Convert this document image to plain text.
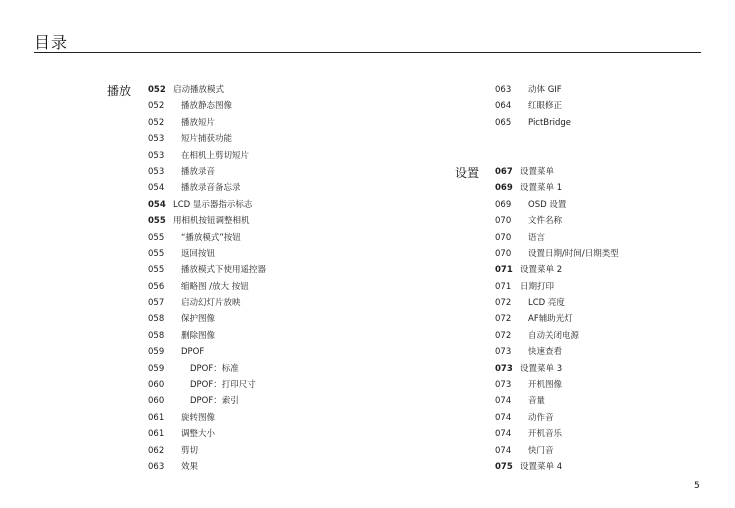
目录
播放
设置
052 启动播放模式
052	播放静态图像
052	播放短片
053	短片捕获功能
053	在相机上剪切短片
053	播放录音
054	播放录音备忘录
054 LCD 显示器指示标志
055 用相机按钮调整相机
055	“播放模式”按钮
055	返回按钮
055	播放模式下使用遥控器
056	缩略图 /放大 按钮
057	启动幻灯片放映
058	保护图像
058	删除图像
059	DPOF
059	DPOF：标准
060	DPOF：打印尺寸
060	DPOF：索引
061	旋转图像
061	调整大小
062	剪切
063	效果
063	动体 GIF
064	红眼修正
065	PictBridge
067 设置菜单
069 设置菜单 1
069	OSD 设置
070	文件名称
070	语言
070	设置日期/时间/日期类型
071 设置菜单 2
071	日期打印
072	LCD 亮度
072	AF辅助光灯
072	自动关闭电源
073	快速查看
073 设置菜单 3
073	开机图像
074	音量
074	动作音
074	开机音乐
074	快门音
075 设置菜单 4
5
